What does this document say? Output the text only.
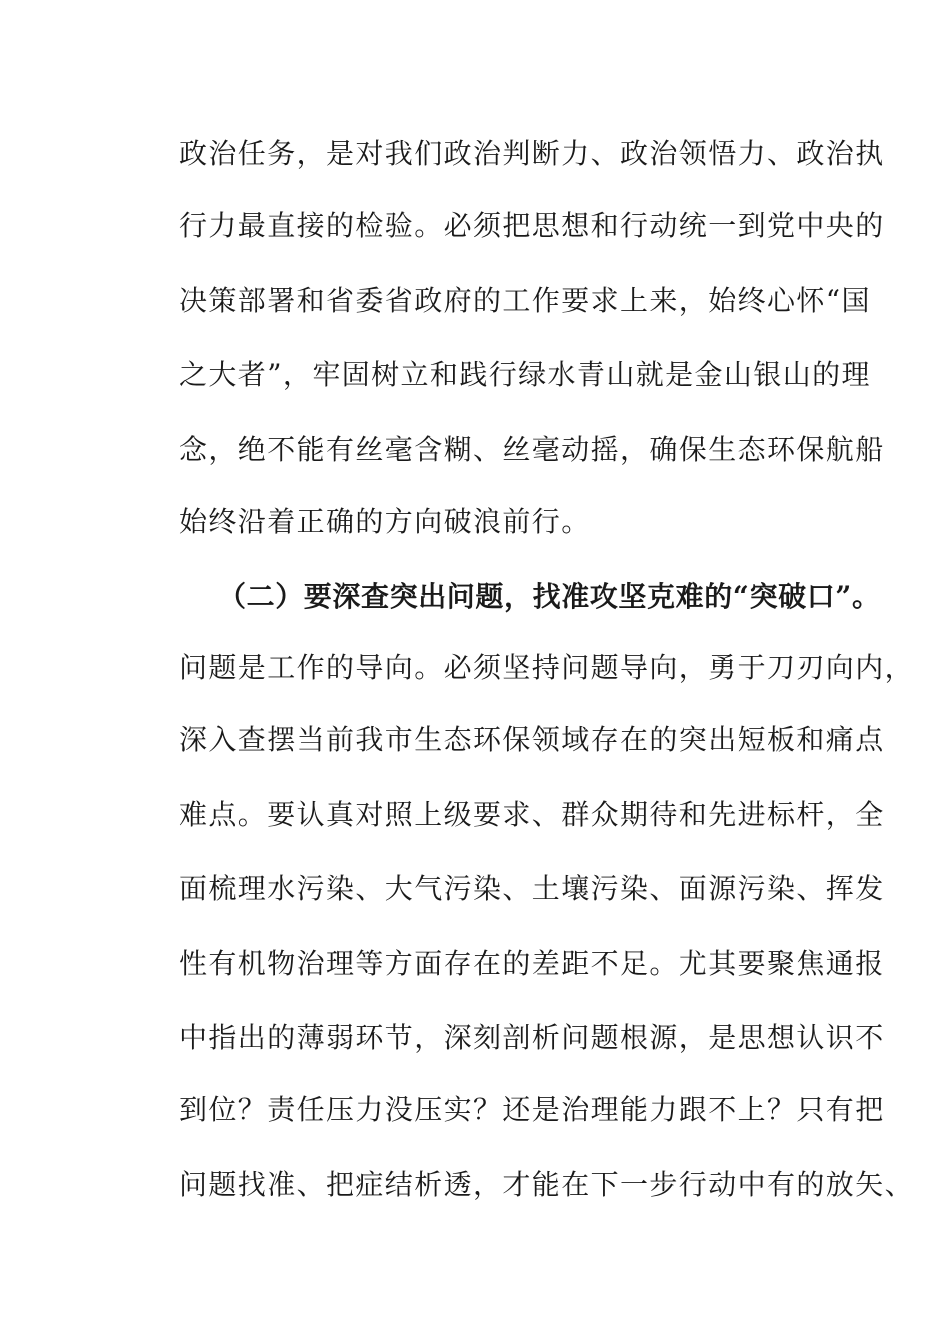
政治任务，是对我们政治判断力、政治领悟力、政治执
行力最直接的检验。必须把思想和行动统一到党中央的
决策部署和省委省政府的工作要求上来，始终心怀“国
之大者”，牢固树立和践行绿水青山就是金山银山的理
念，绝不能有丝毫含糊、丝毫动摇，确保生态环保航船
始终沿着正确的方向破浪前行。
（二）要深查突出问题，找准攻坚克难的“突破口”。
问题是工作的导向。必须坚持问题导向，勇于刀刃向内，
深入查摆当前我市生态环保领域存在的突出短板和痛点
难点。要认真对照上级要求、群众期待和先进标杆，全
面梳理水污染、大气污染、土壤污染、面源污染、挥发
性有机物治理等方面存在的差距不足。尤其要聚焦通报
中指出的薄弱环节，深刻剖析问题根源，是思想认识不
到位？责任压力没压实？还是治理能力跟不上？只有把
问题找准、把症结析透，才能在下一步行动中有的放矢、
